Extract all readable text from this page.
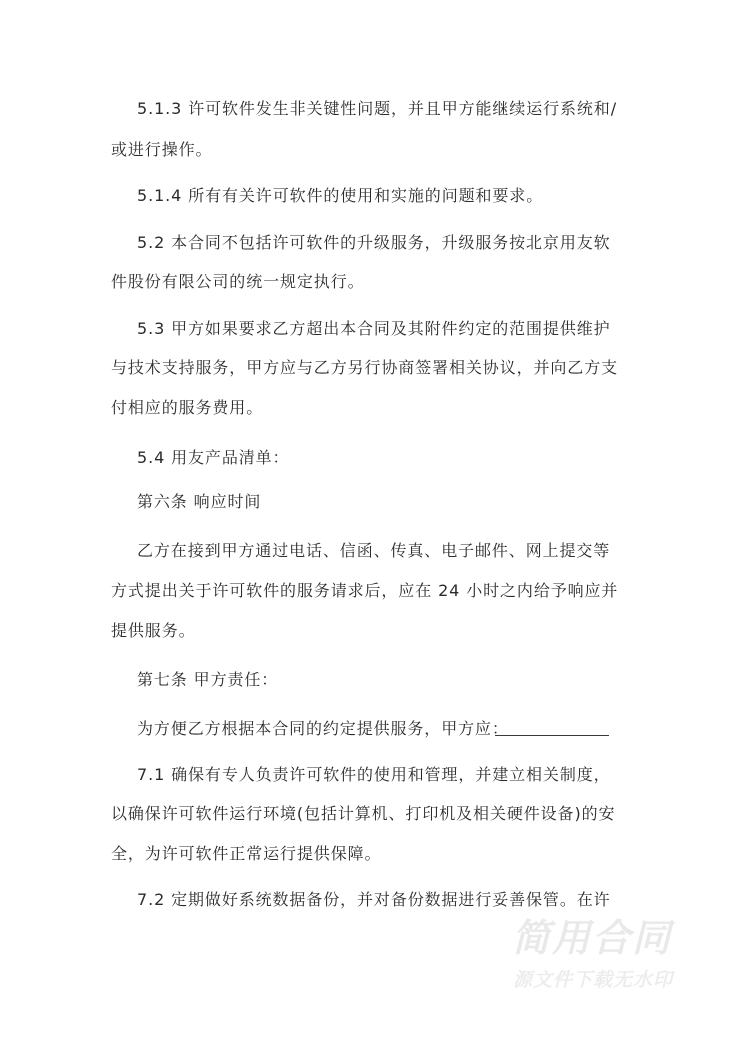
5.1.3 许可软件发生非关键性问题，并且甲方能继续运行系统和/
或进行操作。
5.1.4 所有有关许可软件的使用和实施的问题和要求。
5.2 本合同不包括许可软件的升级服务，升级服务按北京用友软
件股份有限公司的统一规定执行。
5.3 甲方如果要求乙方超出本合同及其附件约定的范围提供维护
与技术支持服务，甲方应与乙方另行协商签署相关协议，并向乙方支
付相应的服务费用。
5.4 用友产品清单：
第六条 响应时间
乙方在接到甲方通过电话、信函、传真、电子邮件、网上提交等
方式提出关于许可软件的服务请求后，应在 24 小时之内给予响应并
提供服务。
第七条 甲方责任：
为方便乙方根据本合同的约定提供服务，甲方应：
7.1 确保有专人负责许可软件的使用和管理，并建立相关制度，
以确保许可软件运行环境(包括计算机、打印机及相关硬件设备)的安
全，为许可软件正常运行提供保障。
7.2 定期做好系统数据备份，并对备份数据进行妥善保管。在许
简用合同
源文件下载无水印
